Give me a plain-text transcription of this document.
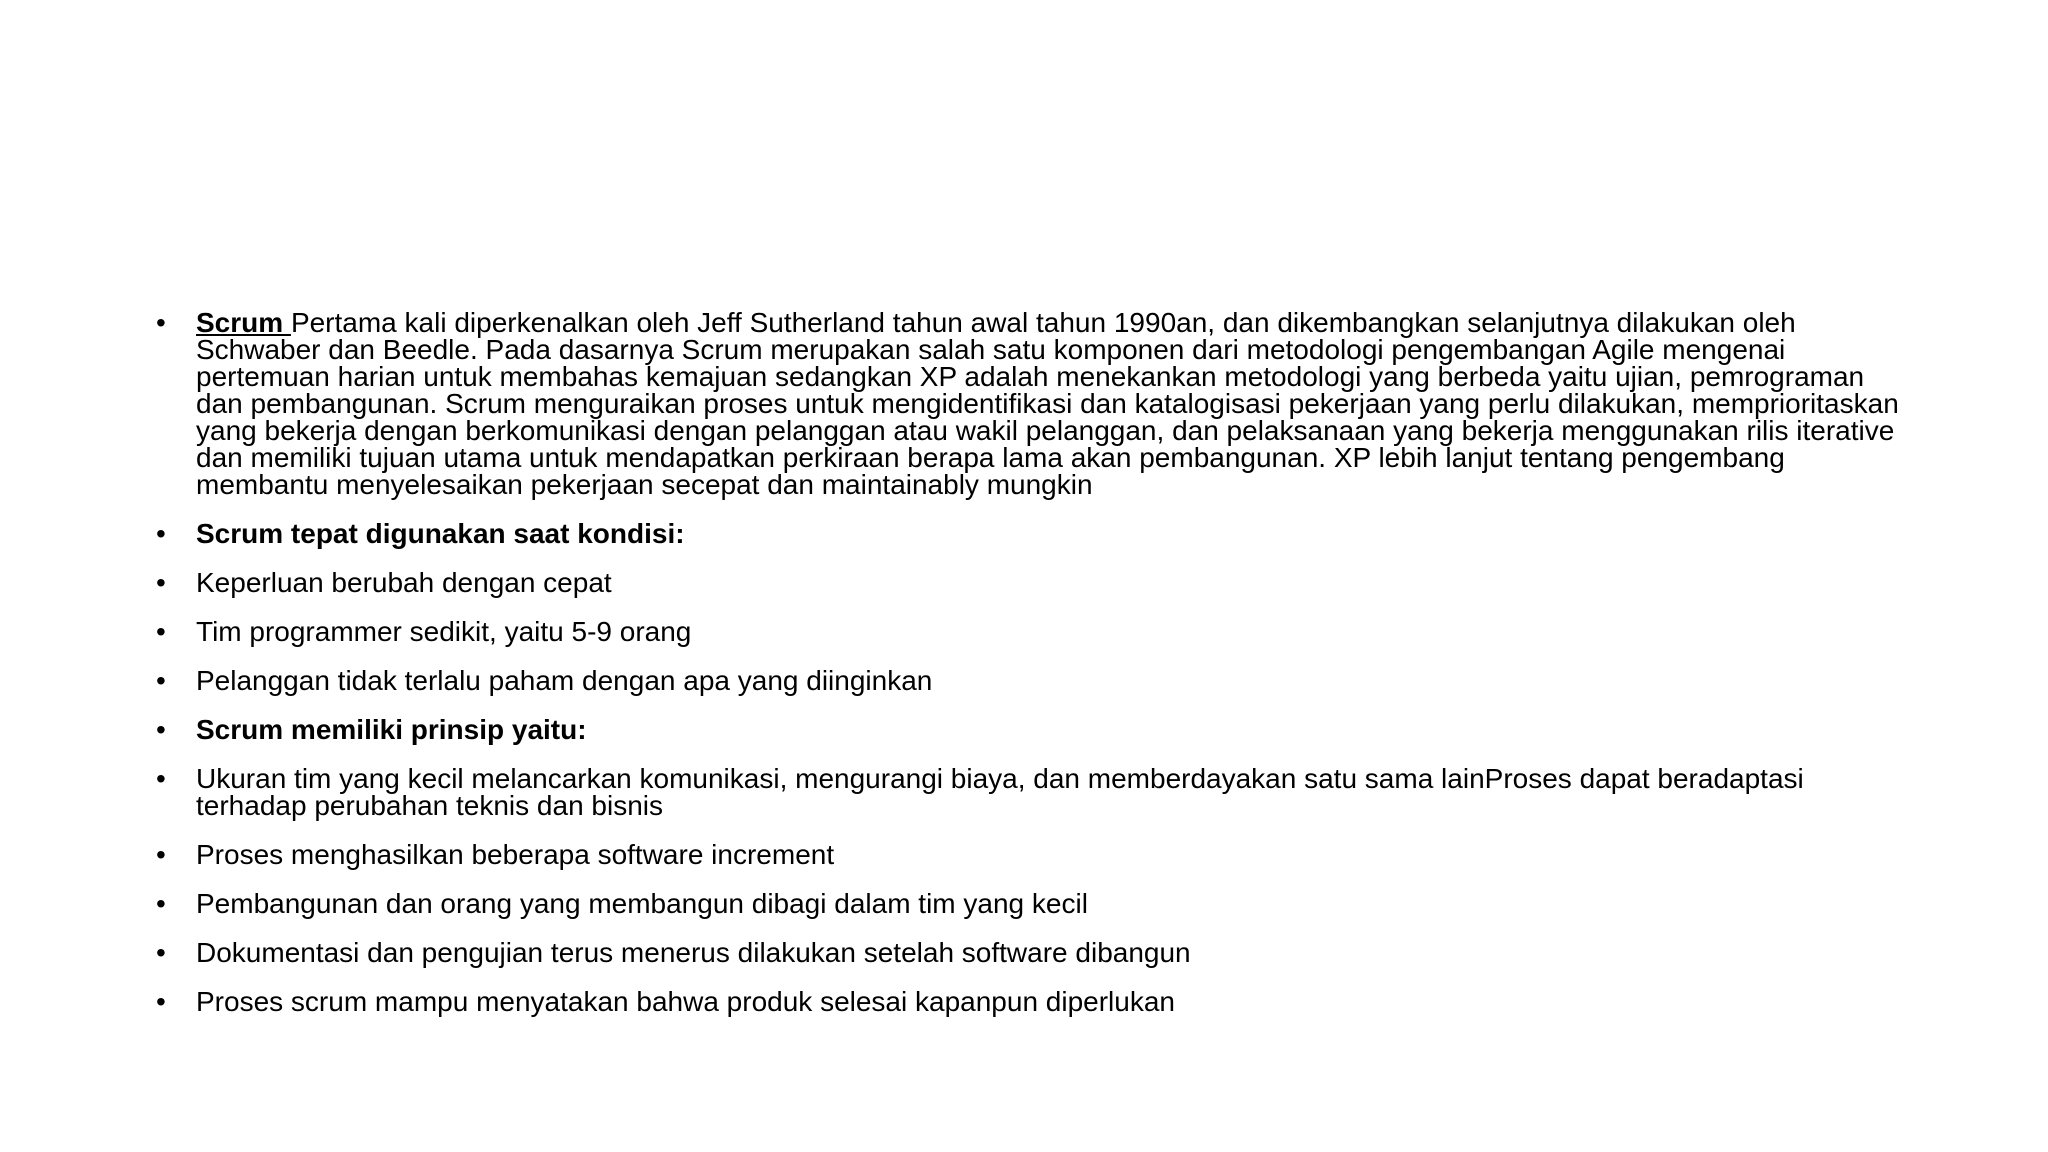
• Scrum Pertama kali diperkenalkan oleh Jeff Sutherland tahun awal tahun 1990an, dan dikembangkan selanjutnya dilakukan oleh Schwaber dan Beedle. Pada dasarnya Scrum merupakan salah satu komponen dari metodologi pengembangan Agile mengenai pertemuan harian untuk membahas kemajuan sedangkan XP adalah menekankan metodologi yang berbeda yaitu ujian, pemrograman dan pembangunan. Scrum menguraikan proses untuk mengidentifikasi dan katalogisasi pekerjaan yang perlu dilakukan, memprioritaskan yang bekerja dengan berkomunikasi dengan pelanggan atau wakil pelanggan, dan pelaksanaan yang bekerja menggunakan rilis iterative dan memiliki tujuan utama untuk mendapatkan perkiraan berapa lama akan pembangunan. XP lebih lanjut tentang pengembang membantu menyelesaikan pekerjaan secepat dan maintainably mungkin
• Scrum tepat digunakan saat kondisi:
• Keperluan berubah dengan cepat
• Tim programmer sedikit, yaitu 5-9 orang
• Pelanggan tidak terlalu paham dengan apa yang diinginkan
• Scrum memiliki prinsip yaitu:
• Ukuran tim yang kecil melancarkan komunikasi, mengurangi biaya, dan memberdayakan satu sama lainProses dapat beradaptasi terhadap perubahan teknis dan bisnis
• Proses menghasilkan beberapa software increment
• Pembangunan dan orang yang membangun dibagi dalam tim yang kecil
• Dokumentasi dan pengujian terus menerus dilakukan setelah software dibangun
• Proses scrum mampu menyatakan bahwa produk selesai kapanpun diperlukan
